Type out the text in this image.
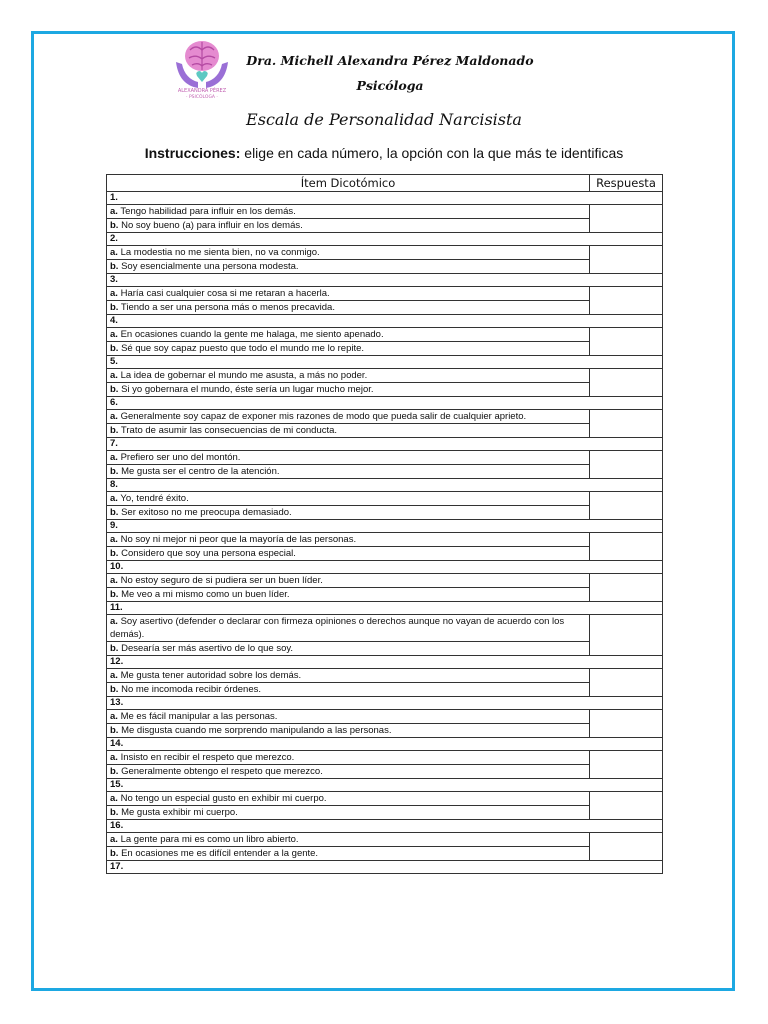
ALEXANDRA PÉREZ
· PSICÓLOGA ·
Dra. Michell Alexandra Pérez Maldonado
Psicóloga
Escala de Personalidad Narcisista
Instrucciones: elige en cada número, la opción con la que más te identificas
Ítem Dicotómico	Respuesta
1.	
a. Tengo habilidad para influir en los demás.	
b. No soy bueno (a) para influir en los demás.	
2.	
a. La modestia no me sienta bien, no va conmigo.	
b. Soy esencialmente una persona modesta.	
3.	
a. Haría casi cualquier cosa si me retaran a hacerla.	
b. Tiendo a ser una persona más o menos precavida.	
4.	
a. En ocasiones cuando la gente me halaga, me siento apenado.	
b. Sé que soy capaz puesto que todo el mundo me lo repite.	
5.	
a. La idea de gobernar el mundo me asusta, a más no poder.	
b. Si yo gobernara el mundo, éste sería un lugar mucho mejor.	
6.	
a. Generalmente soy capaz de exponer mis razones de modo que pueda salir de cualquier aprieto.	
b. Trato de asumir las consecuencias de mi conducta.	
7.	
a. Prefiero ser uno del montón.	
b. Me gusta ser el centro de la atención.	
8.	
a. Yo, tendré éxito.	
b. Ser exitoso no me preocupa demasiado.	
9.	
a. No soy ni mejor ni peor que la mayoría de las personas.	
b. Considero que soy una persona especial.	
10.	
a. No estoy seguro de si pudiera ser un buen líder.	
b. Me veo a mi mismo como un buen líder.	
11.	
a. Soy asertivo (defender o declarar con firmeza opiniones o derechos aunque no vayan de acuerdo con los demás).	
b. Desearía ser más asertivo de lo que soy.	
12.	
a. Me gusta tener autoridad sobre los demás.	
b. No me incomoda recibir órdenes.	
13.	
a. Me es fácil manipular a las personas.	
b. Me disgusta cuando me sorprendo manipulando a las personas.	
14.	
a. Insisto en recibir el respeto que merezco.	
b. Generalmente obtengo el respeto que merezco.	
15.	
a. No tengo un especial gusto en exhibir mi cuerpo.	
b. Me gusta exhibir mi cuerpo.	
16.	
a. La gente para mi es como un libro abierto.	
b. En ocasiones me es difícil entender a la gente.	
17.	
